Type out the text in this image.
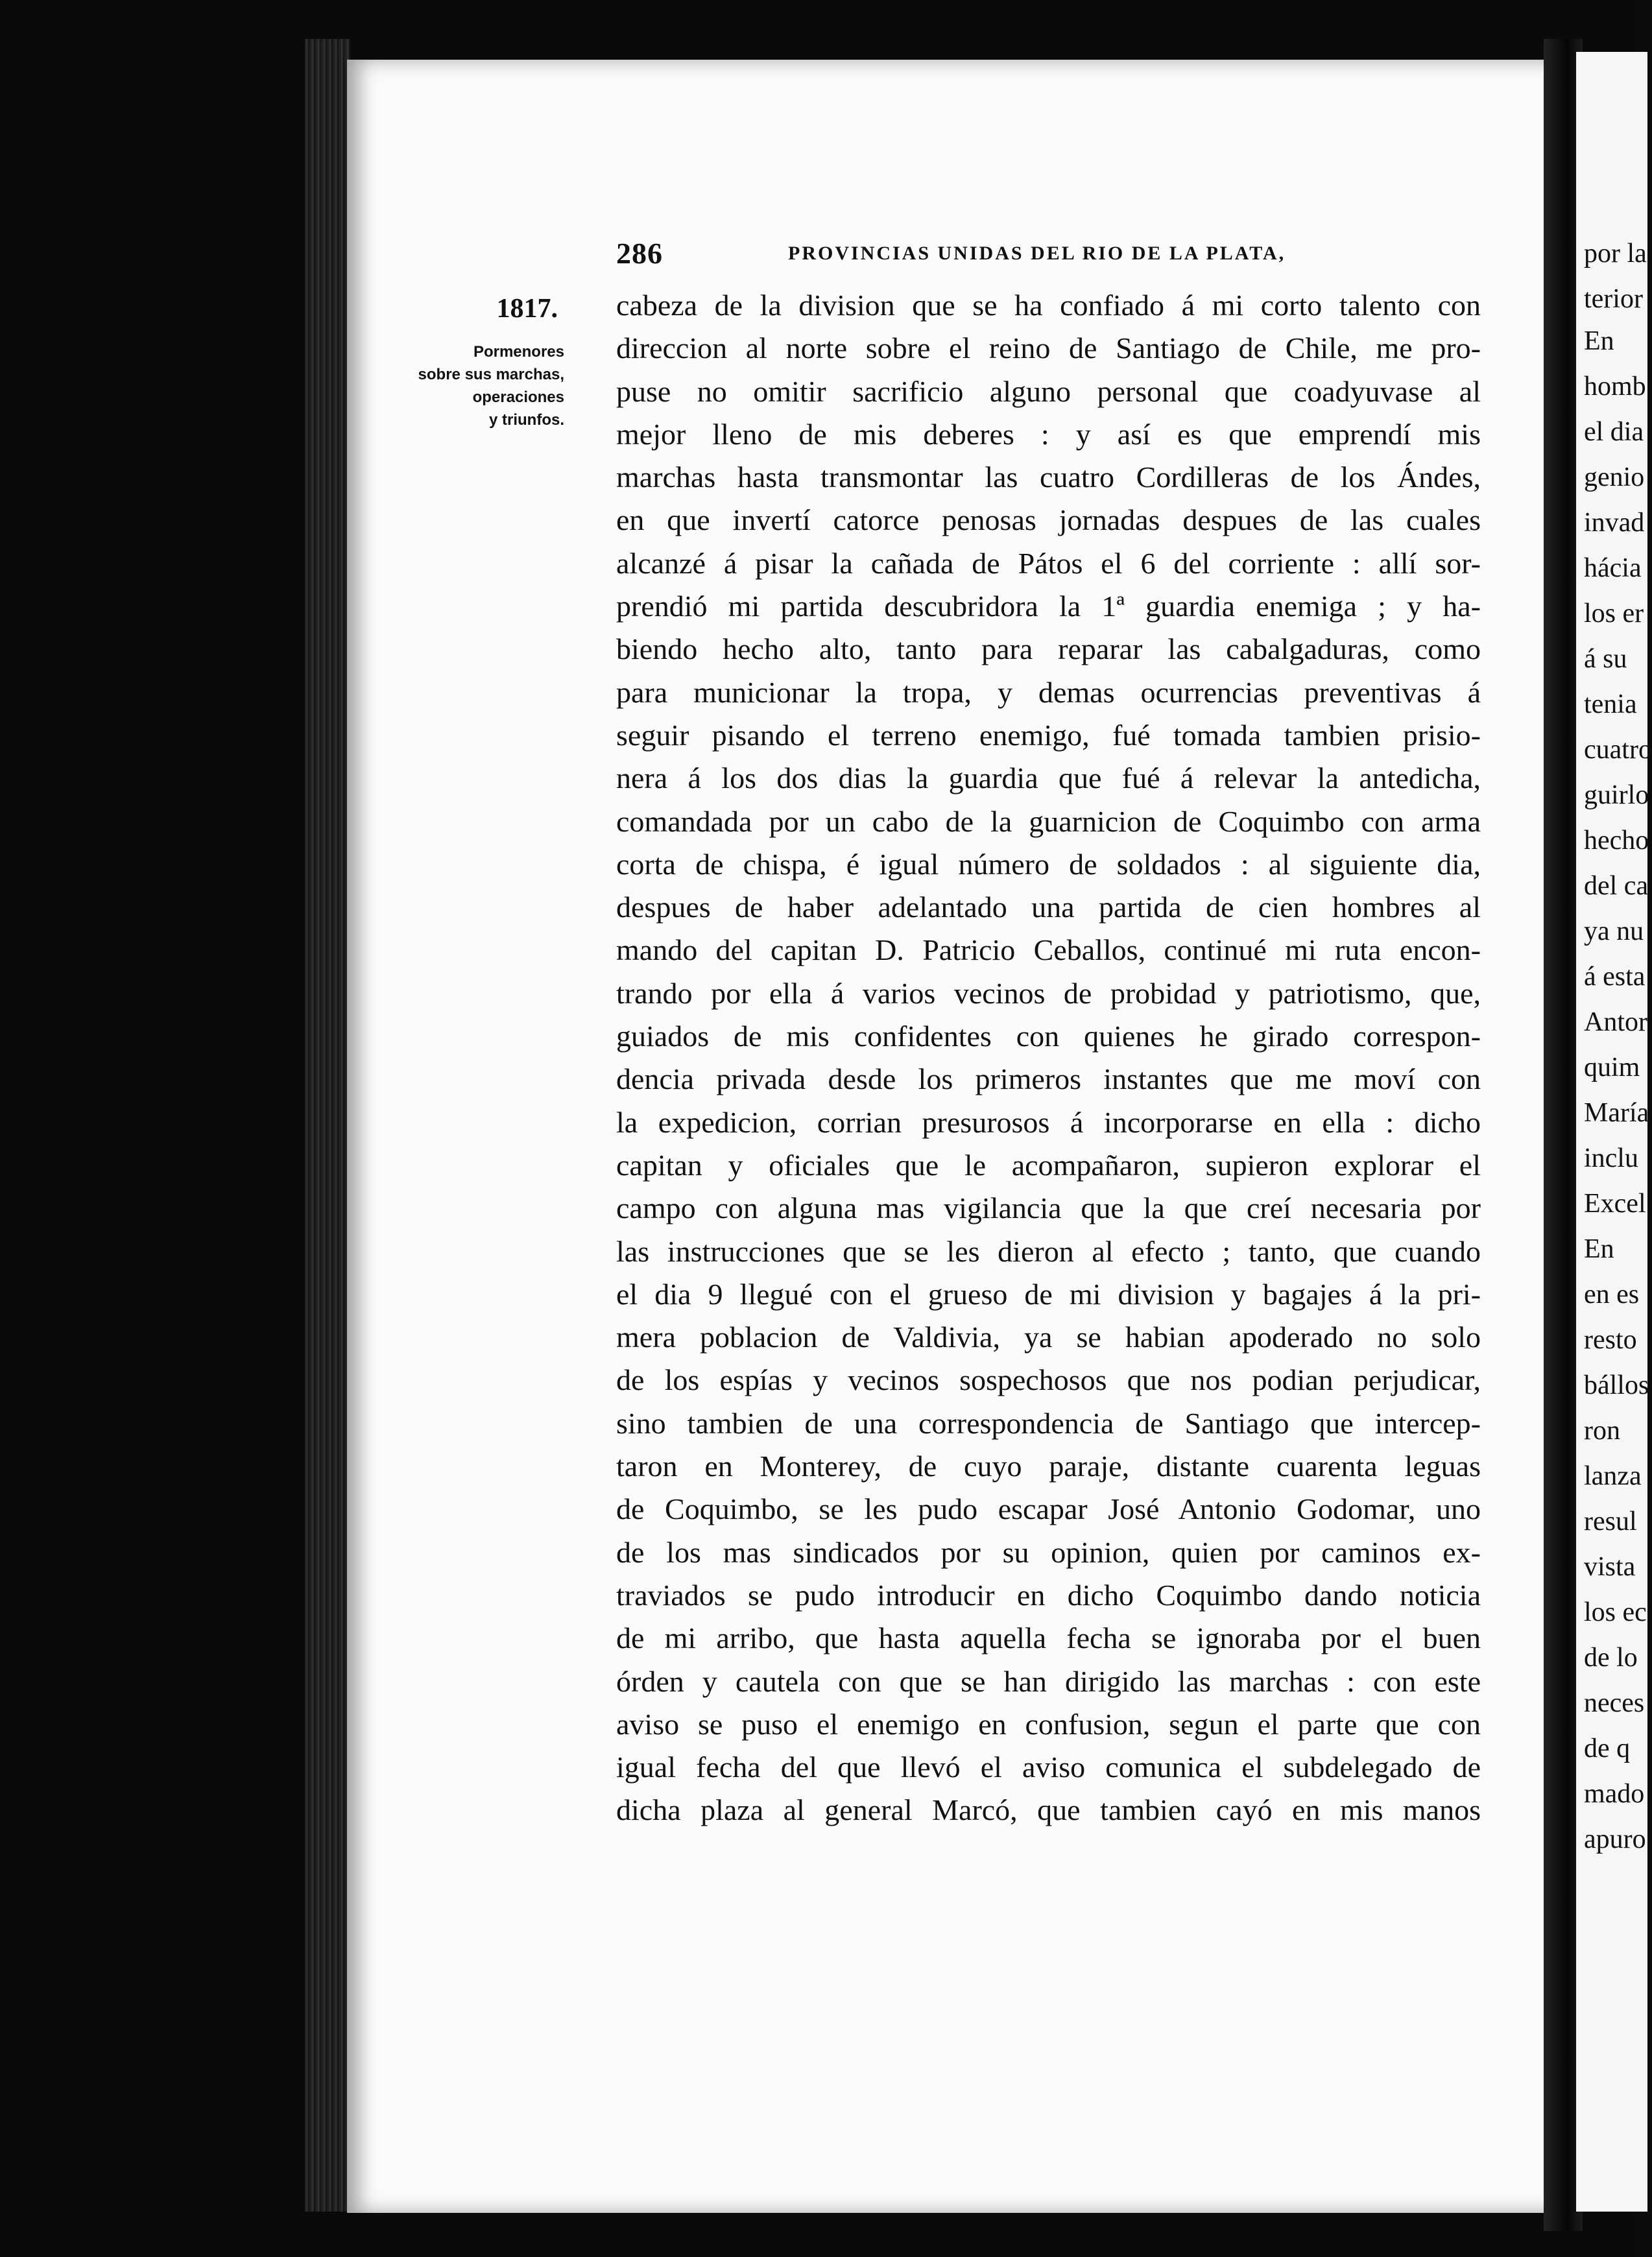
por la
terior
En
homb
el dia
genio
invad
hácia
los er
á su
tenia
cuatro
guirlo
hecho
del ca
ya nu
á esta
Antor
quim
María
inclu
Excel
En
en es
resto
bállos
ron
lanza
resul
vista
los ec
de lo
neces
de q
mado
apuro
286	PROVINCIAS UNIDAS DEL RIO DE LA PLATA,
1817.
Pormenores
sobre sus marchas,
operaciones
y triunfos.
cabeza de la division que se ha confiado á mi corto talento con
direccion al norte sobre el reino de Santiago de Chile, me pro-
puse no omitir sacrificio alguno personal que coadyuvase al
mejor lleno de mis deberes : y así es que emprendí mis
marchas hasta transmontar las cuatro Cordilleras de los Ándes,
en que invertí catorce penosas jornadas despues de las cuales
alcanzé á pisar la cañada de Pátos el 6 del corriente : allí sor-
prendió mi partida descubridora la 1ª guardia enemiga ; y ha-
biendo hecho alto, tanto para reparar las cabalgaduras, como
para municionar la tropa, y demas ocurrencias preventivas á
seguir pisando el terreno enemigo, fué tomada tambien prisio-
nera á los dos dias la guardia que fué á relevar la antedicha,
comandada por un cabo de la guarnicion de Coquimbo con arma
corta de chispa, é igual número de soldados : al siguiente dia,
despues de haber adelantado una partida de cien hombres al
mando del capitan D. Patricio Ceballos, continué mi ruta encon-
trando por ella á varios vecinos de probidad y patriotismo, que,
guiados de mis confidentes con quienes he girado correspon-
dencia privada desde los primeros instantes que me moví con
la expedicion, corrian presurosos á incorporarse en ella : dicho
capitan y oficiales que le acompañaron, supieron explorar el
campo con alguna mas vigilancia que la que creí necesaria por
las instrucciones que se les dieron al efecto ; tanto, que cuando
el dia 9 llegué con el grueso de mi division y bagajes á la pri-
mera poblacion de Valdivia, ya se habian apoderado no solo
de los espías y vecinos sospechosos que nos podian perjudicar,
sino tambien de una correspondencia de Santiago que intercep-
taron en Monterey, de cuyo paraje, distante cuarenta leguas
de Coquimbo, se les pudo escapar José Antonio Godomar, uno
de los mas sindicados por su opinion, quien por caminos ex-
traviados se pudo introducir en dicho Coquimbo dando noticia
de mi arribo, que hasta aquella fecha se ignoraba por el buen
órden y cautela con que se han dirigido las marchas : con este
aviso se puso el enemigo en confusion, segun el parte que con
igual fecha del que llevó el aviso comunica el subdelegado de
dicha plaza al general Marcó, que tambien cayó en mis manos
